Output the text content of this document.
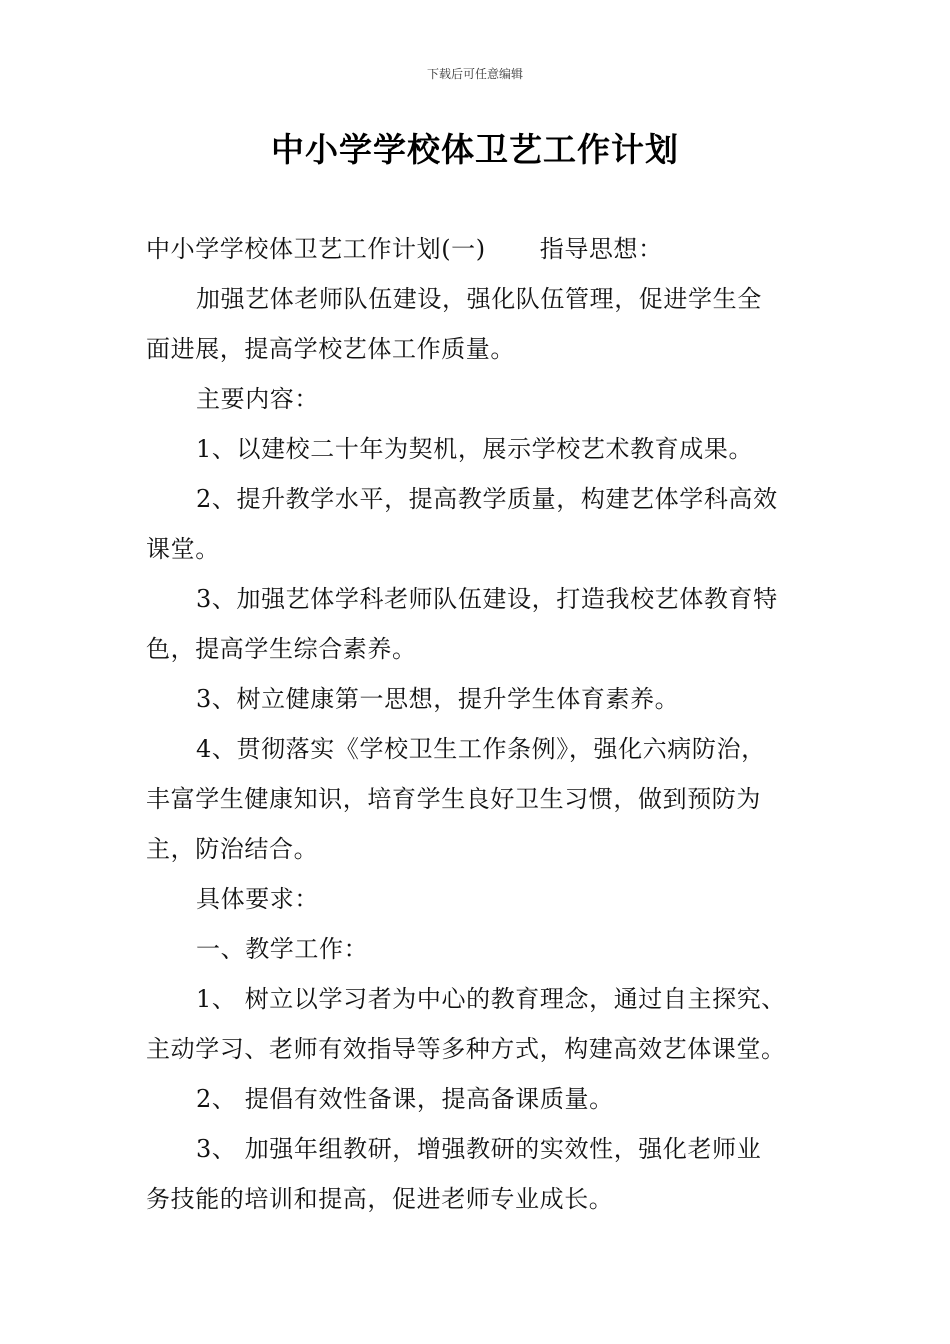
下载后可任意编辑
中小学学校体卫艺工作计划
中小学学校体卫艺工作计划(一) 指导思想：
加强艺体老师队伍建设，强化队伍管理，促进学生全
面进展，提高学校艺体工作质量。
主要内容：
1、以建校二十年为契机，展示学校艺术教育成果。
2、提升教学水平，提高教学质量，构建艺体学科高效
课堂。
3、加强艺体学科老师队伍建设，打造我校艺体教育特
色，提高学生综合素养。
3、树立健康第一思想，提升学生体育素养。
4、贯彻落实《学校卫生工作条例》，强化六病防治，
丰富学生健康知识，培育学生良好卫生习惯，做到预防为
主，防治结合。
具体要求：
一、教学工作：
1、 树立以学习者为中心的教育理念，通过自主探究、
主动学习、老师有效指导等多种方式，构建高效艺体课堂。
2、 提倡有效性备课，提高备课质量。
3、 加强年组教研，增强教研的实效性，强化老师业
务技能的培训和提高，促进老师专业成长。
